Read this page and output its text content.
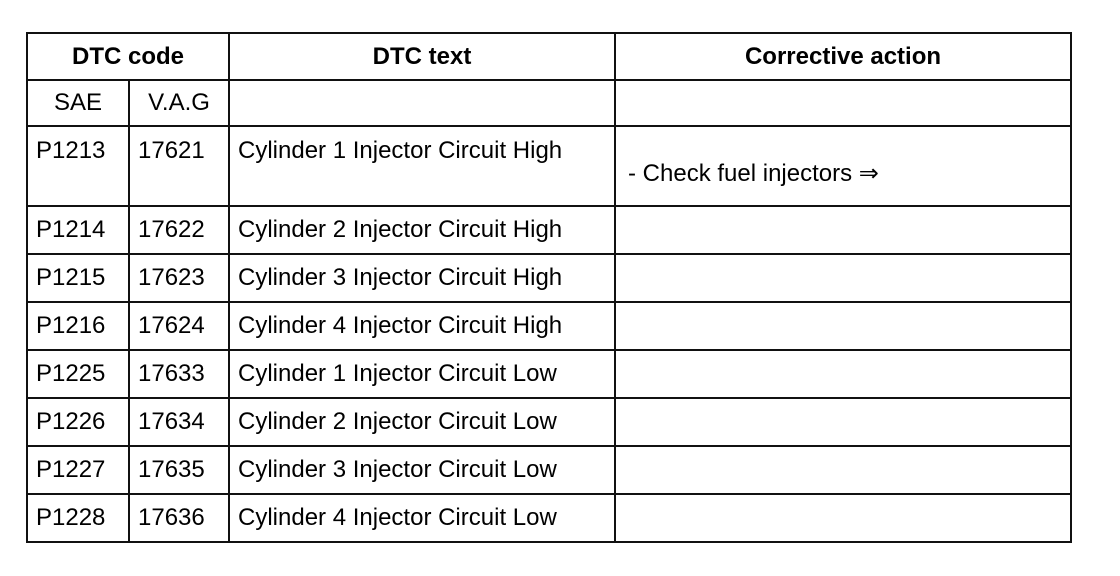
DTC code		DTC text	Corrective action
SAE	V.A.G		
P1213	17621	Cylinder 1 Injector Circuit High	- Check fuel injectors ⇒
P1214	17622	Cylinder 2 Injector Circuit High	
P1215	17623	Cylinder 3 Injector Circuit High	
P1216	17624	Cylinder 4 Injector Circuit High	
P1225	17633	Cylinder 1 Injector Circuit Low	
P1226	17634	Cylinder 2 Injector Circuit Low	
P1227	17635	Cylinder 3 Injector Circuit Low	
P1228	17636	Cylinder 4 Injector Circuit Low	
